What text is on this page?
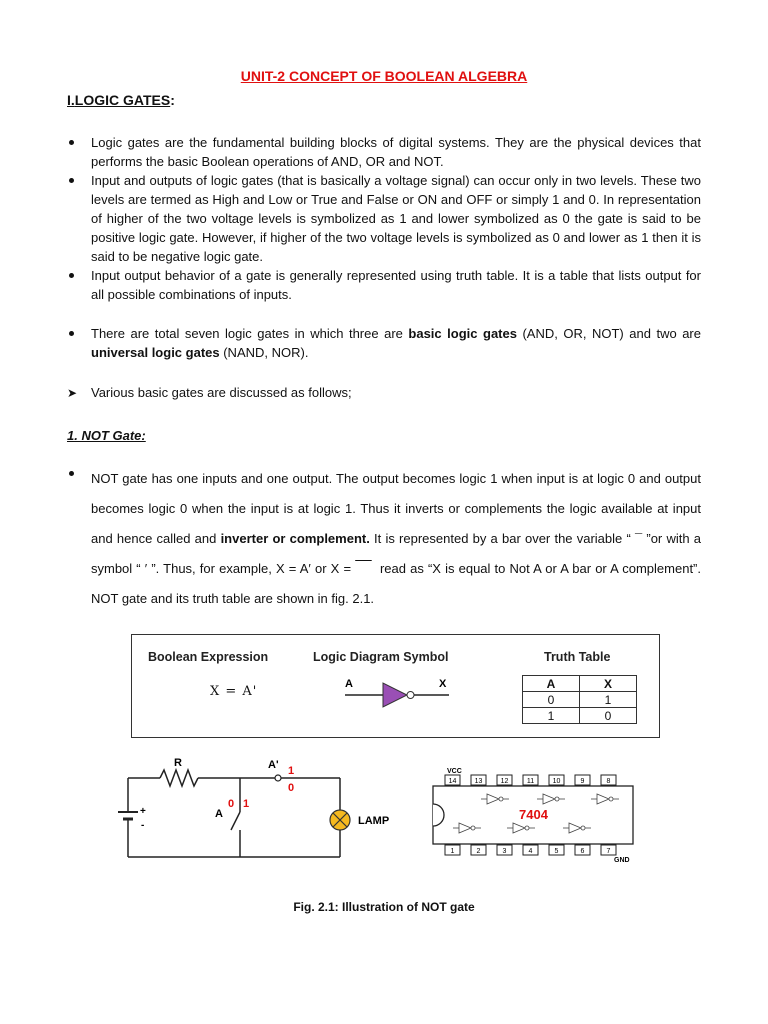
UNIT-2 CONCEPT OF BOOLEAN ALGEBRA
I.LOGIC GATES:
Logic gates are the fundamental building blocks of digital systems. They are the physical devices that performs the basic Boolean operations of AND, OR and NOT.
Input and outputs of logic gates (that is basically a voltage signal) can occur only in two levels. These two levels are termed as High and Low or True and False or ON and OFF or simply 1 and 0. In representation of higher of the two voltage levels is symbolized as 1 and lower symbolized as 0 the gate is said to be positive logic gate. However, if higher of the two voltage levels is symbolized as 0 and lower as 1 then it is said to be negative logic gate.
Input output behavior of a gate is generally represented using truth table. It is a table that lists output for all possible combinations of inputs.
There are total seven logic gates in which three are basic logic gates (AND, OR, NOT) and two are universal logic gates (NAND, NOR).
➤ Various basic gates are discussed as follows;
1. NOT Gate:
NOT gate has one inputs and one output. The output becomes logic 1 when input is at logic 0 and output becomes logic 0 when the input is at logic 1. Thus it inverts or complements the logic available at input and hence called and inverter or complement. It is represented by a bar over the variable “ ¯ ”or with a symbol “ ′ ”. Thus, for example, X = A′ or X =       read as “X is equal to Not A or A bar or A complement”. NOT gate and its truth table are shown in fig. 2.1.
Boolean Expression	Logic Diagram Symbol	Truth Table
X = A'	A	X	A	X
0	1
1	0
R	A' 1
0
LAMP
+
-
A
0 1
VCC
14	13	12	11	10	9	8
7404
1	2	3	4	5	6	7
GND
Fig. 2.1: Illustration of NOT gate
